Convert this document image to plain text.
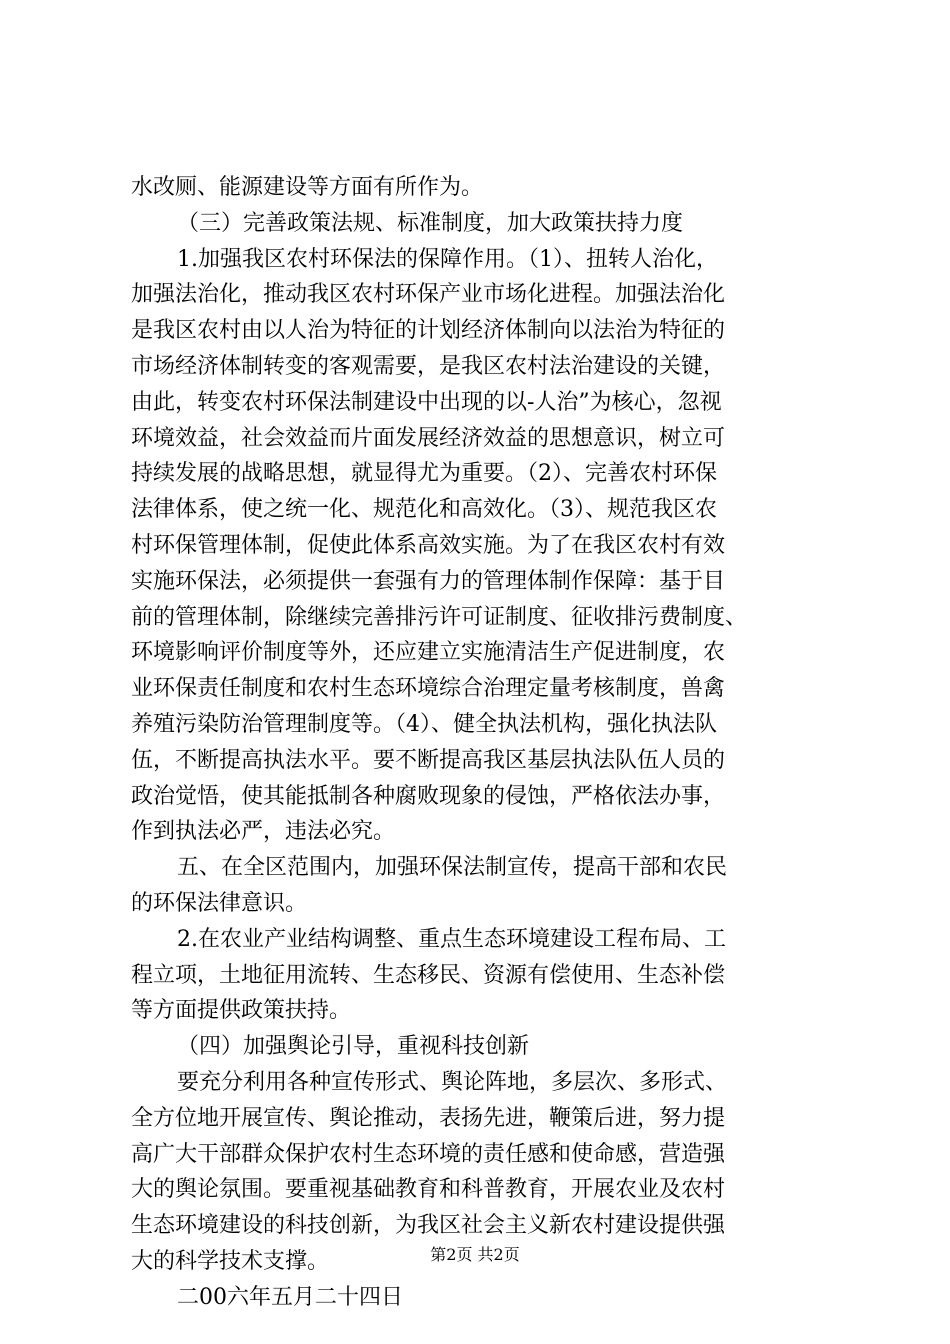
水改厕、能源建设等方面有所作为。
（三）完善政策法规、标准制度，加大政策扶持力度
1.加强我区农村环保法的保障作用。（1）、扭转人治化，
加强法治化，推动我区农村环保产业市场化进程。加强法治化
是我区农村由以人治为特征的计划经济体制向以法治为特征的
市场经济体制转变的客观需要，是我区农村法治建设的关键，
由此，转变农村环保法制建设中出现的以-人治”为核心，忽视
环境效益，社会效益而片面发展经济效益的思想意识，树立可
持续发展的战略思想，就显得尤为重要。（2）、完善农村环保
法律体系，使之统一化、规范化和高效化。（3）、规范我区农
村环保管理体制，促使此体系高效实施。为了在我区农村有效
实施环保法，必须提供一套强有力的管理体制作保障：基于目
前的管理体制，除继续完善排污许可证制度、征收排污费制度、
环境影响评价制度等外，还应建立实施清洁生产促进制度，农
业环保责任制度和农村生态环境综合治理定量考核制度，兽禽
养殖污染防治管理制度等。（4）、健全执法机构，强化执法队
伍，不断提高执法水平。要不断提高我区基层执法队伍人员的
政治觉悟，使其能抵制各种腐败现象的侵蚀，严格依法办事，
作到执法必严，违法必究。
五、在全区范围内，加强环保法制宣传，提高干部和农民
的环保法律意识。
2.在农业产业结构调整、重点生态环境建设工程布局、工
程立项，土地征用流转、生态移民、资源有偿使用、生态补偿
等方面提供政策扶持。
（四）加强舆论引导，重视科技创新
要充分利用各种宣传形式、舆论阵地，多层次、多形式、
全方位地开展宣传、舆论推动，表扬先进，鞭策后进，努力提
高广大干部群众保护农村生态环境的责任感和使命感，营造强
大的舆论氛围。要重视基础教育和科普教育，开展农业及农村
生态环境建设的科技创新，为我区社会主义新农村建设提供强
大的科学技术支撑。
二00六年五月二十四日
第2页 共2页
